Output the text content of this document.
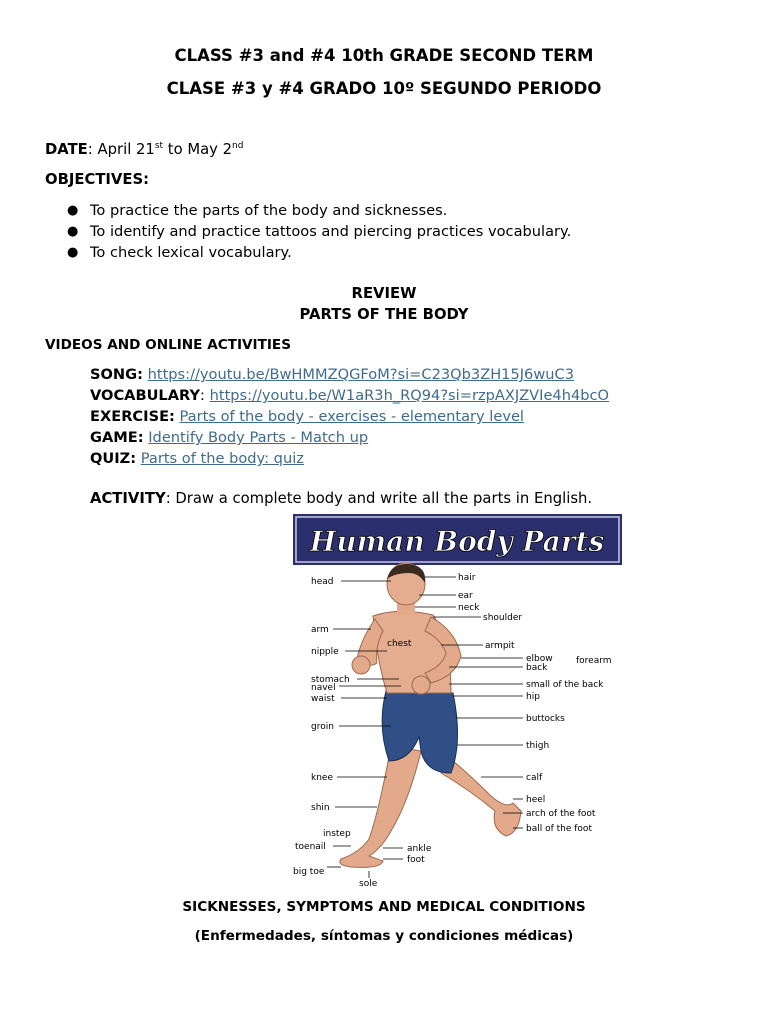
CLASS #3 and #4 10th GRADE SECOND TERM
CLASE #3 y #4 GRADO 10º SEGUNDO PERIODO
DATE: April 21st to May 2nd
OBJECTIVES:
● To practice the parts of the body and sicknesses.
● To identify and practice tattoos and piercing practices vocabulary.
● To check lexical vocabulary.
REVIEW
PARTS OF THE BODY
VIDEOS AND ONLINE ACTIVITIES
SONG: https://youtu.be/BwHMMZQGFoM?si=C23Qb3ZH15J6wuC3
VOCABULARY: https://youtu.be/W1aR3h_RQ94?si=rzpAXJZVIe4h4bcO
EXERCISE: Parts of the body - exercises - elementary level
GAME: Identify Body Parts - Match up
QUIZ: Parts of the body: quiz
ACTIVITY: Draw a complete body and write all the parts in English.
Human Body Parts
head
arm
nipple
stomach
navel
waist
groin
knee
shin
instep
toenail
big toe
hair
ear
neck
shoulder
armpit
elbow	forearm
back
small of the back
hip
buttocks
thigh
calf
heel
arch of the foot
ball of the foot
ankle
foot
chest
sole
SICKNESSES, SYMPTOMS AND MEDICAL CONDITIONS
(Enfermedades, síntomas y condiciones médicas)
